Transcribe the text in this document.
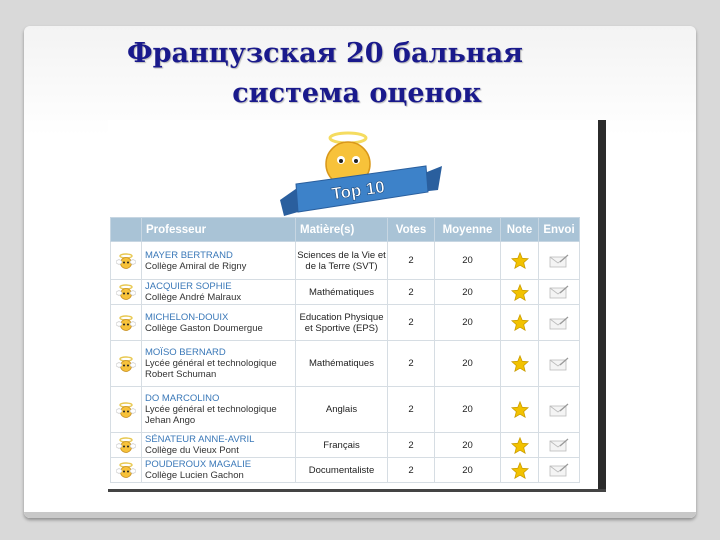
Французская 20 бальная
система оценок
Top 10
	Professeur	Matière(s)	Votes	Moyenne	Note	Envoi

MAYER BERTRAND
Collège Amiral de Rigny	Sciences de la Vie et de la Terre (SVT)	2	20	

JACQUIER SOPHIE
Collège André Malraux	Mathématiques	2	20	

MICHELON-DOUIX
Collège Gaston Doumergue	Education Physique et Sportive (EPS)	2	20	

MOÏSO BERNARD
Lycée général et technologique Robert Schuman	Mathématiques	2	20	

DO MARCOLINO
Lycée général et technologique Jehan Ango	Anglais	2	20	

SÉNATEUR ANNE-AVRIL
Collège du Vieux Pont	Français	2	20	

POUDEROUX MAGALIE
Collège Lucien Gachon	Documentaliste	2	20	
